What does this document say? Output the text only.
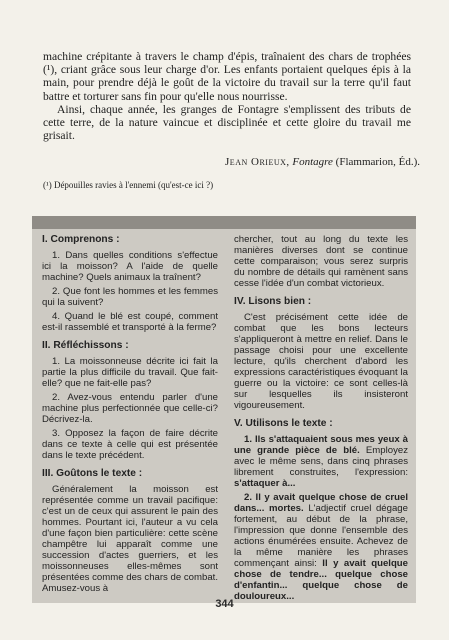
machine crépitante à travers le champ d'épis, traînaient des chars de trophées (¹), criant grâce sous leur charge d'or. Les enfants portaient quelques épis à la main, pour prendre déjà le goût de la victoire du travail sur la terre qu'il faut battre et torturer sans fin pour qu'elle nous nourrisse.

Ainsi, chaque année, les granges de Fontagre s'emplissent des tributs de cette terre, de la nature vaincue et disciplinée et cette gloire du travail me grisait.

Jean Orieux, Fontagre (Flammarion, Éd.).
(¹) Dépouilles ravies à l'ennemi (qu'est-ce ici ?)
I. Comprenons :

1. Dans quelles conditions s'effectue ici la moisson? A l'aide de quelle machine? Quels animaux la traînent?

2. Que font les hommes et les femmes qui la suivent?

4. Quand le blé est coupé, comment est-il rassemblé et transporté à la ferme?

II. Réfléchissons :

1. La moissonneuse décrite ici fait la partie la plus difficile du travail. Que fait-elle? que ne fait-elle pas?

2. Avez-vous entendu parler d'une machine plus perfectionnée que celle-ci? Décrivez-la.

3. Opposez la façon de faire décrite dans ce texte à celle qui est présentée dans le texte précédent.

III. Goûtons le texte :

Généralement la moisson est représentée comme un travail pacifique: c'est un de ceux qui assurent le pain des hommes. Pourtant ici, l'auteur a vu cela d'une façon bien particulière: cette scène champêtre lui apparaît comme une succession d'actes guerriers, et les moissonneuses elles-mêmes sont présentées comme des chars de combat. Amusez-vous à

chercher, tout au long du texte les manières diverses dont se continue cette comparaison; vous serez surpris du nombre de détails qui ramènent sans cesse l'idée d'un combat victorieux.

IV. Lisons bien :

C'est précisément cette idée de combat que les bons lecteurs s'appliqueront à mettre en relief. Dans le passage choisi pour une excellente lecture, qu'ils cherchent d'abord les expressions caractéristiques évoquant la guerre ou la victoire: ce sont celles-là sur lesquelles ils insisteront vigoureusement.

V. Utilisons le texte :

1. Ils s'attaquaient sous mes yeux à une grande pièce de blé. Employez avec le même sens, dans cinq phrases librement construites, l'expression: s'attaquer à...

2. Il y avait quelque chose de cruel dans... mortes. L'adjectif cruel dégage fortement, au début de la phrase, l'impression que donne l'ensemble des actions énumérées ensuite. Achevez de la même manière les phrases commençant ainsi: Il y avait quelque chose de tendre... quelque chose d'enfantin... quelque chose de douloureux...

344
